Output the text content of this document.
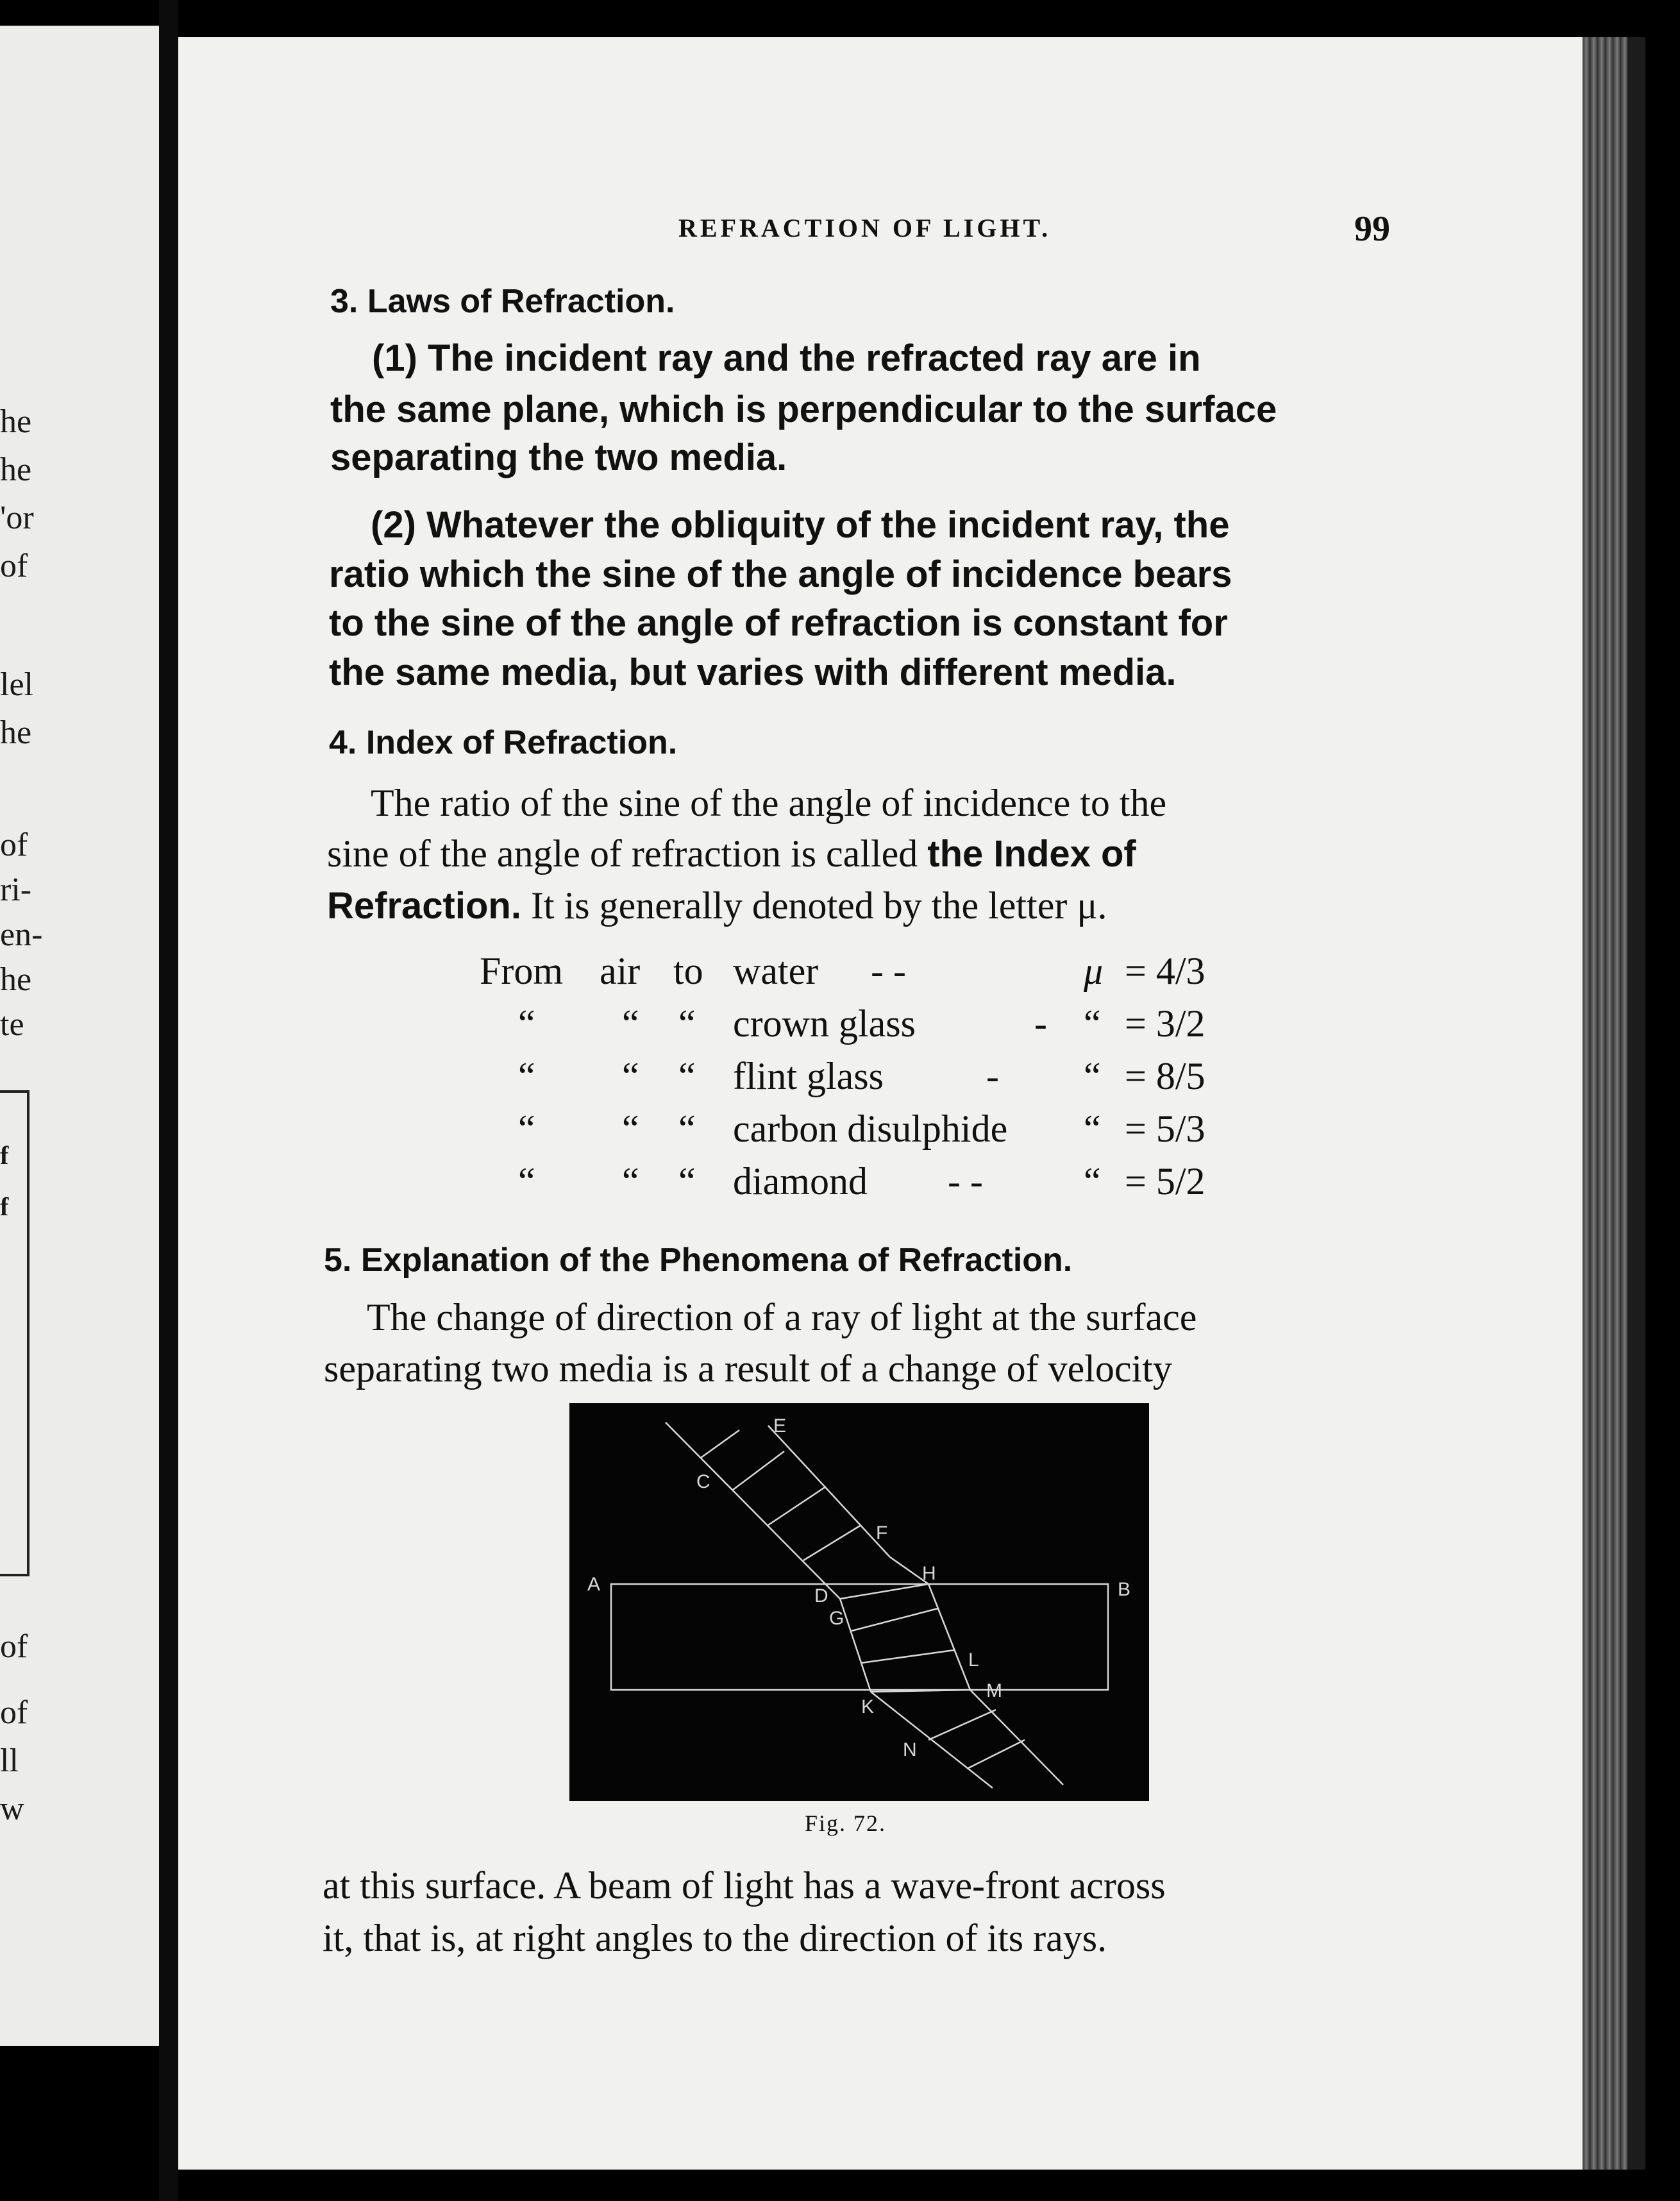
he
he
'or
of
lel
he
of
ri-
en-
he
te
f
f
of
of
ll
w
REFRACTION OF LIGHT.	99
3. Laws of Refraction.
(1) The incident ray and the refracted ray are in
the same plane, which is perpendicular to the surface
separating the two media.
(2) Whatever the obliquity of the incident ray, the
ratio which the sine of the angle of incidence bears
to the sine of the angle of refraction is constant for
the same media, but varies with different media.
4. Index of Refraction.
The ratio of the sine of the angle of incidence to the
sine of the angle of refraction is called the Index of
Refraction. It is generally denoted by the letter μ.
From air to water - -	μ = 4/3
“ “ “ crown glass	- “ = 3/2
“ “ “ flint glass	- “ = 8/5
“ “ “ carbon disulphide “ = 5/3
“ “ “ diamond - -	“ = 5/2
5. Explanation of the Phenomena of Refraction.
The change of direction of a ray of light at the surface
separating two media is a result of a change of velocity
A	B
C
D
E
F
G
H
K
L
M
N
Fig. 72.
at this surface. A beam of light has a wave-front across
it, that is, at right angles to the direction of its rays.
